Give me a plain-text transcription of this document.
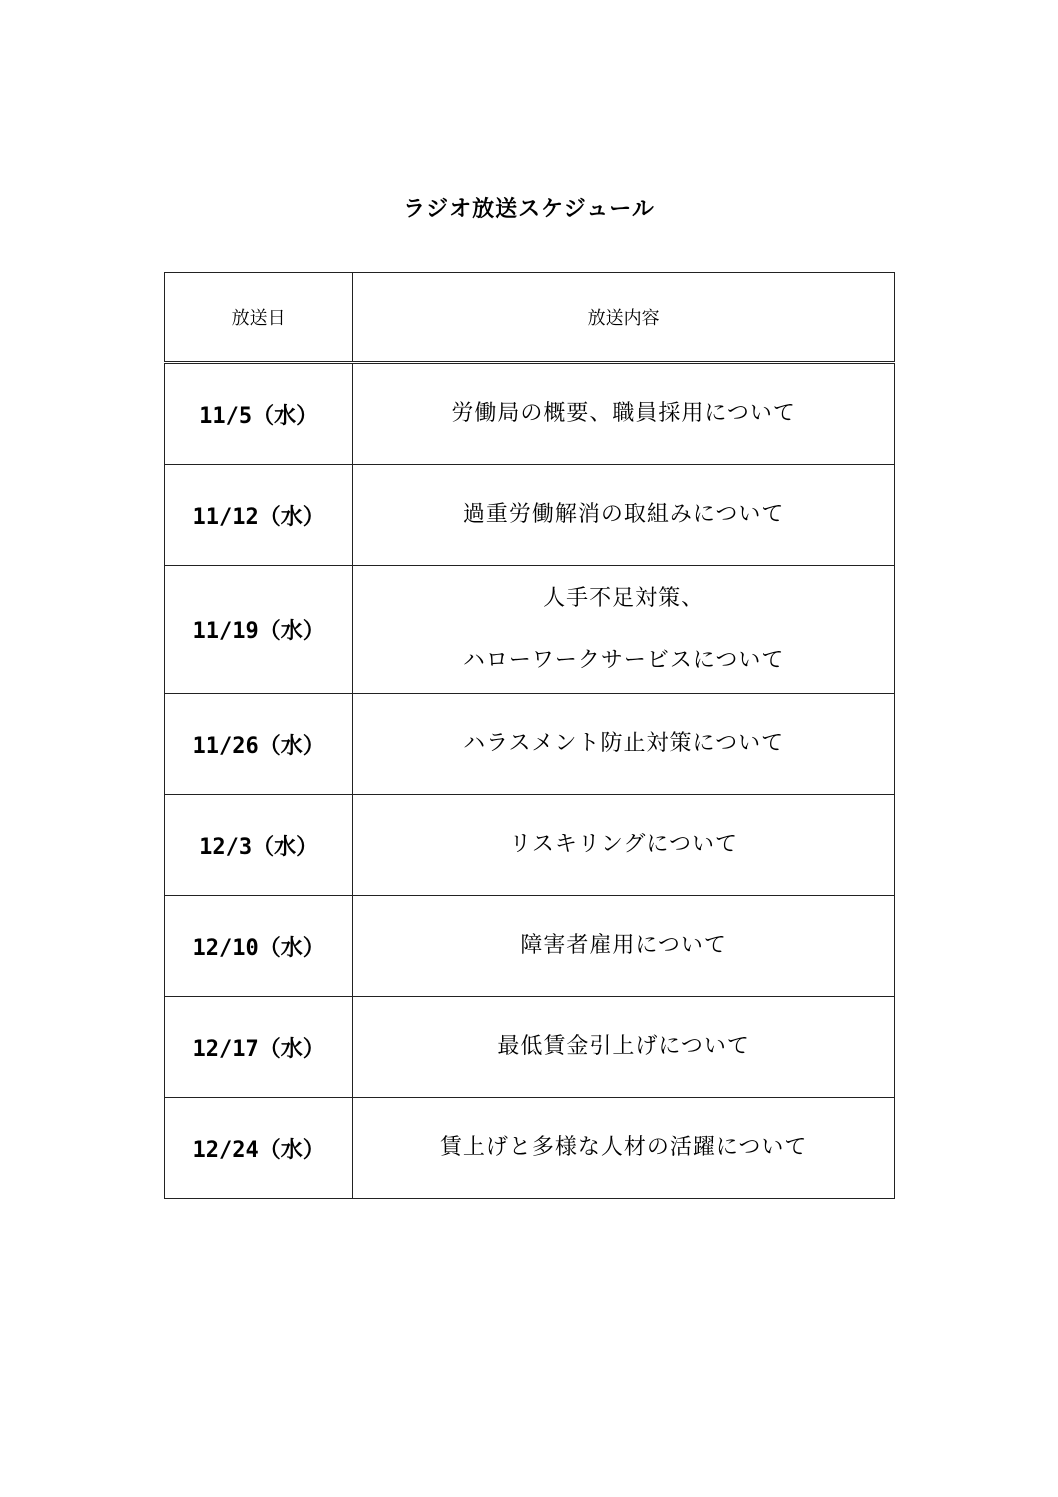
ラジオ放送スケジュール
放送日	放送内容
11/5（水）	労働局の概要、職員採用について

11/12（水）	過重労働解消の取組みについて

11/19（水）	人手不足対策、
ハローワークサービスについて

11/26（水）	ハラスメント防止対策について

12/3（水）	リスキリングについて

12/10（水）	障害者雇用について

12/17（水）	最低賃金引上げについて

12/24（水）	賃上げと多様な人材の活躍について
